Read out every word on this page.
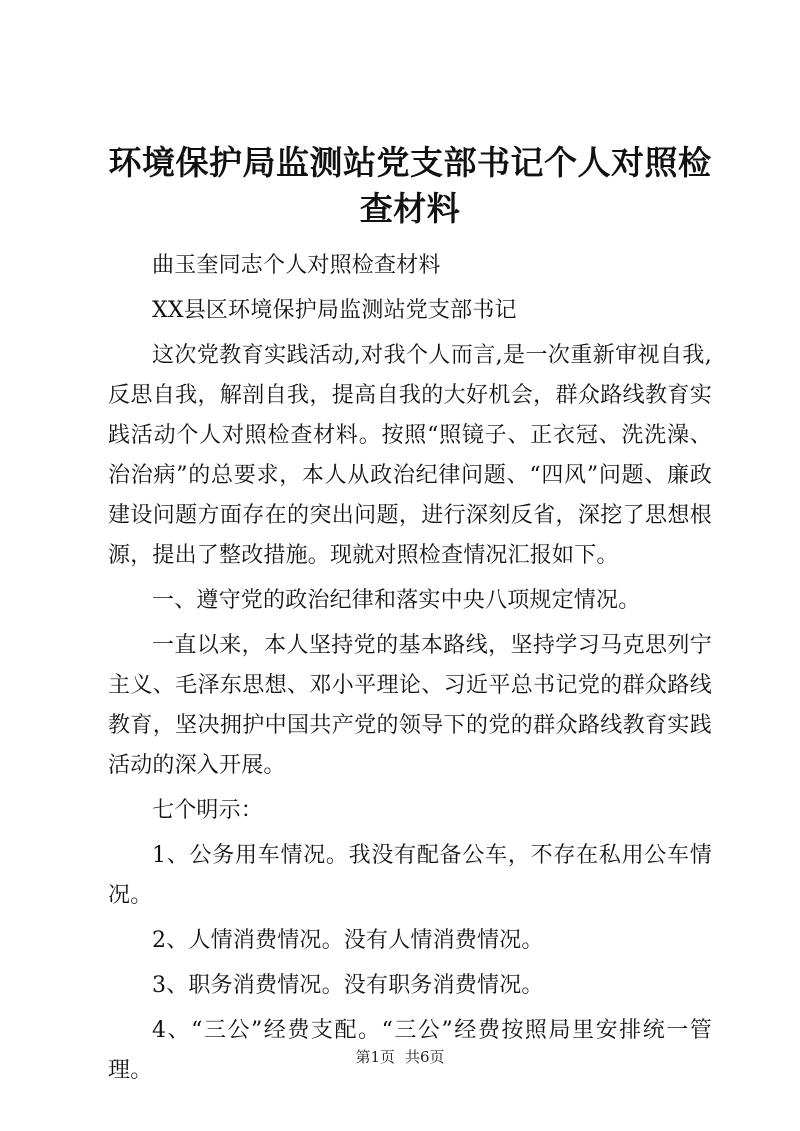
环境保护局监测站党支部书记个人对照检查材料

曲玉奎同志个人对照检查材料

XX县区环境保护局监测站党支部书记

这次党教育实践活动,对我个人而言,是一次重新审视自我,反思自我，解剖自我，提高自我的大好机会，群众路线教育实践活动个人对照检查材料。按照“照镜子、正衣冠、洗洗澡、治治病”的总要求，本人从政治纪律问题、“四风”问题、廉政建设问题方面存在的突出问题，进行深刻反省，深挖了思想根源，提出了整改措施。现就对照检查情况汇报如下。

一、遵守党的政治纪律和落实中央八项规定情况。

一直以来，本人坚持党的基本路线，坚持学习马克思列宁主义、毛泽东思想、邓小平理论、习近平总书记党的群众路线教育，坚决拥护中国共产党的领导下的党的群众路线教育实践活动的深入开展。

七个明示：

1、公务用车情况。我没有配备公车，不存在私用公车情况。

2、人情消费情况。没有人情消费情况。

3、职务消费情况。没有职务消费情况。

4、“三公”经费支配。“三公”经费按照局里安排统一管理。

第1页 共6页
